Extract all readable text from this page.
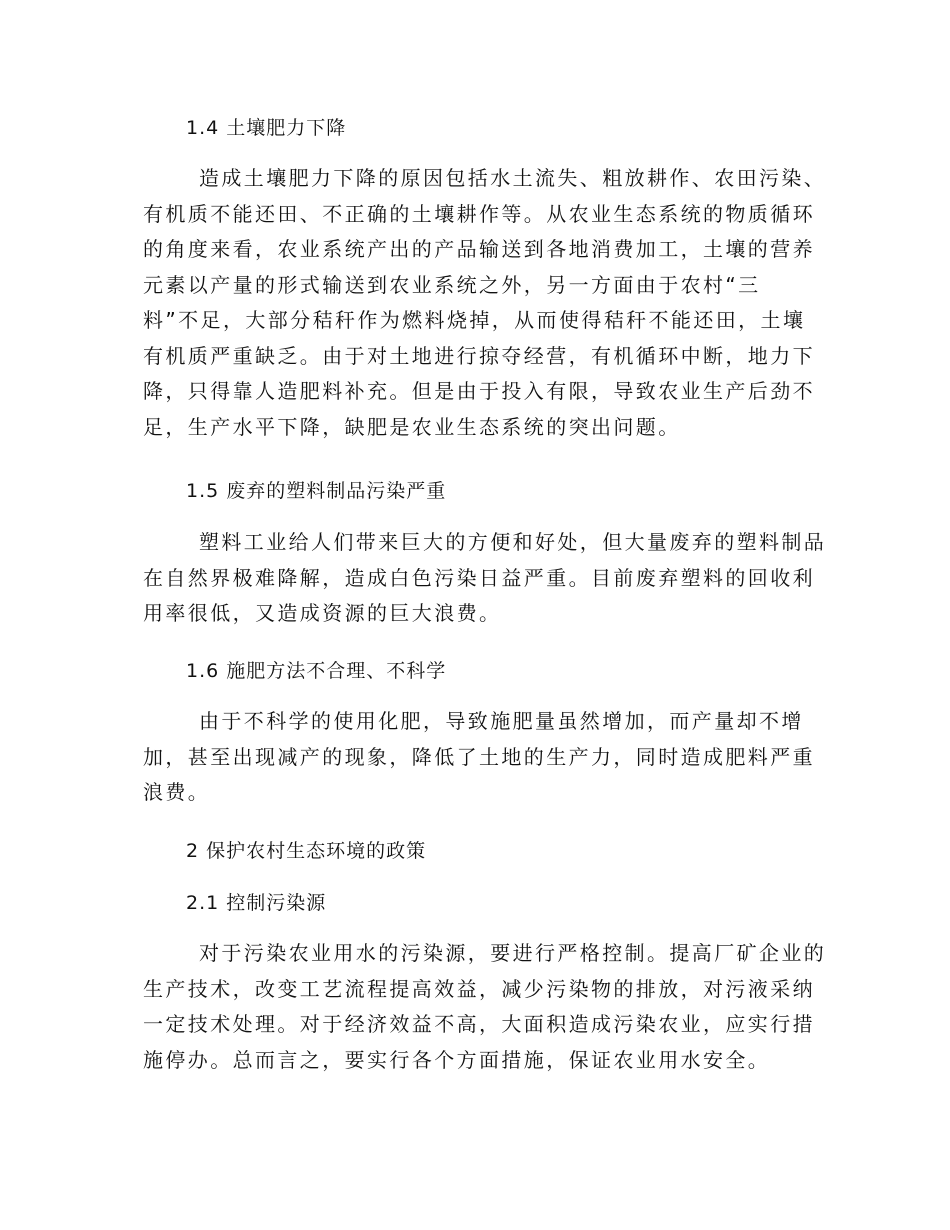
1.4 土壤肥力下降
造成土壤肥力下降的原因包括水土流失、粗放耕作、农田污染、
有机质不能还田、不正确的土壤耕作等。从农业生态系统的物质循环
的角度来看，农业系统产出的产品输送到各地消费加工，土壤的营养
元素以产量的形式输送到农业系统之外，另一方面由于农村“三
料”不足，大部分秸秆作为燃料烧掉，从而使得秸秆不能还田，土壤
有机质严重缺乏。由于对土地进行掠夺经营，有机循环中断，地力下
降，只得靠人造肥料补充。但是由于投入有限，导致农业生产后劲不
足，生产水平下降，缺肥是农业生态系统的突出问题。
1.5 废弃的塑料制品污染严重
塑料工业给人们带来巨大的方便和好处，但大量废弃的塑料制品
在自然界极难降解，造成白色污染日益严重。目前废弃塑料的回收利
用率很低，又造成资源的巨大浪费。
1.6 施肥方法不合理、不科学
由于不科学的使用化肥，导致施肥量虽然增加，而产量却不增
加，甚至出现减产的现象，降低了土地的生产力，同时造成肥料严重
浪费。
2 保护农村生态环境的政策
2.1 控制污染源
对于污染农业用水的污染源，要进行严格控制。提高厂矿企业的
生产技术，改变工艺流程提高效益，减少污染物的排放，对污液采纳
一定技术处理。对于经济效益不高，大面积造成污染农业，应实行措
施停办。总而言之，要实行各个方面措施，保证农业用水安全。
